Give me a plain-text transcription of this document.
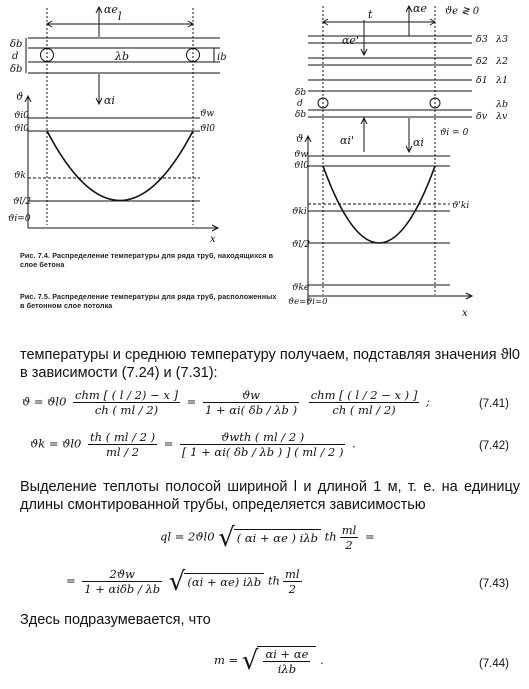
αe
l
δb
d
δb
λb	ib
αi
ϑ
ϑi0
ϑl0
ϑw
ϑl0
ϑk
ϑl/2
ϑi=0
x
t	αe ϑe ≷ 0
αe'	δ3 λ3
δ2 λ2
δ1 λ1
δb
d
δb
λb
δv λv
αi'	αi
ϑi = 0
ϑ
ϑw
ϑl0
ϑki
ϑ'ki
ϑl/2
ϑke
ϑe=ϑi=0
x
Рис. 7.4. Распределение температуры для ряда труб, находящихся в слое бетона
Рис. 7.5. Распределение температуры для ряда труб, расположенных в бетонном слое потолка
температуры и среднюю температуру получаем, подставляя значения ϑl0 в зависимости (7.24) и (7.31):
$ϑ = ϑl0 \frac{\text{chm [ ( l / 2) − x ]}}{ch ( ml / 2)} = \frac{ϑw}{1 + \alpha i( \delta b / \lambda b )}$
$\frac{\text{chm [ ( l / 2 − x ) ]}}{ch ( ml / 2)}$ ;	(7.41)
$ϑk = ϑl0 \frac{th ( ml / 2 )}{ml / 2} = \frac{\text{ϑwth ( ml / 2 )}}{[ 1 + \alpha i( \delta b / \lambda b ) ] ( ml / 2 )}$ .	(7.42)
Выделение теплоты полосой шириной l и длиной 1 м, т. е. на единицу длины смонтированной трубы, определяется зависимостью
ql = 2ϑl0 √ ( αi + αe ) iλb th $\frac{ml}{2}$ =
= $\frac{2ϑw}{\text{1 + αiδb / λb}}$ √ (αi + αe) iλb th $\frac{ml}{2}$	(7.43)
Здесь подразумевается, что
m = √ $\frac{\alpha i + \alpha e}{\text{iλb}}$ .	(7.44)
